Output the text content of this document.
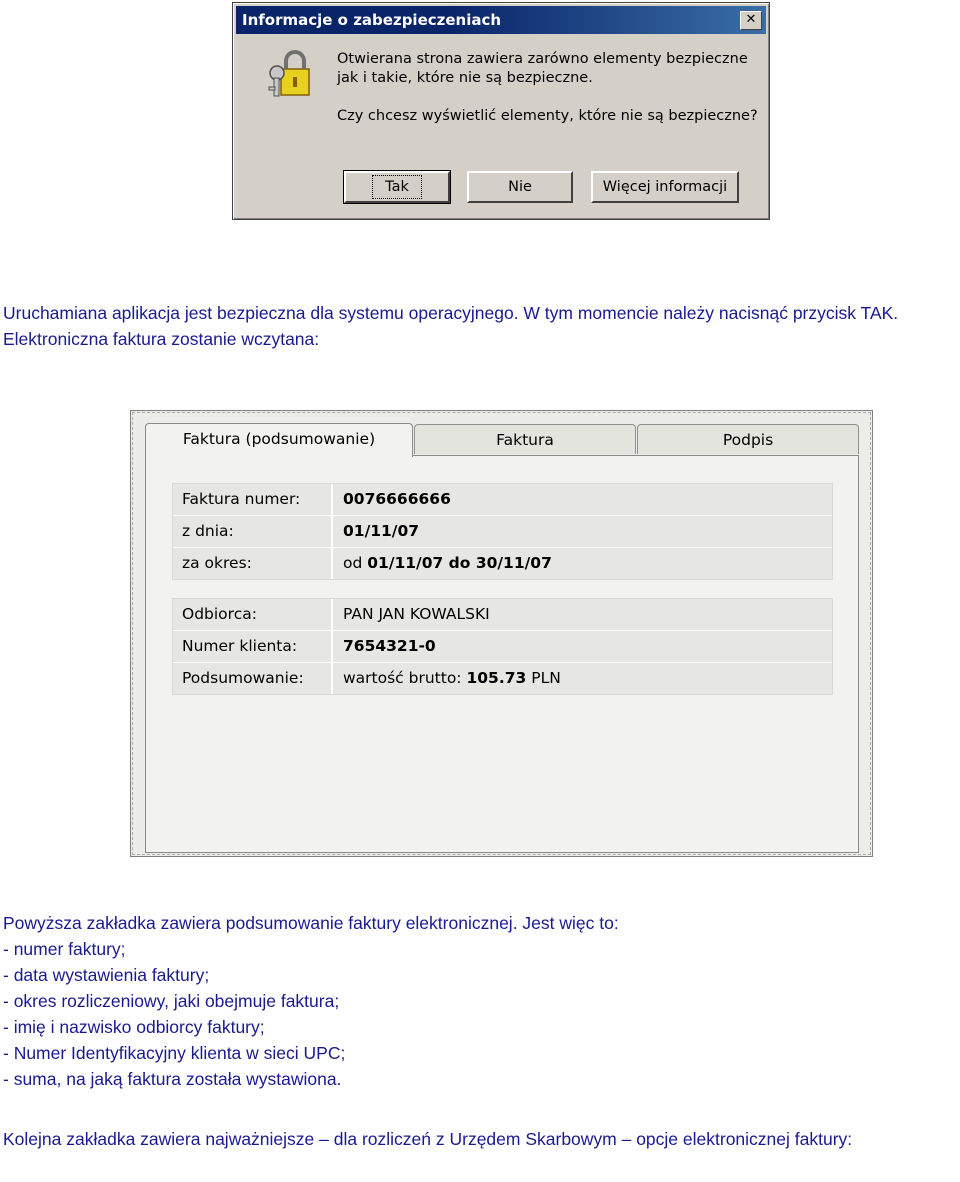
Informacje o zabezpieczeniach	✕
Otwierana strona zawiera zarówno elementy bezpieczne jak i takie, które nie są bezpieczne.
Czy chcesz wyświetlić elementy, które nie są bezpieczne?
Tak	Nie	Więcej informacji
Uruchamiana aplikacja jest bezpieczna dla systemu operacyjnego. W tym momencie należy nacisnąć przycisk TAK. Elektroniczna faktura zostanie wczytana:
Faktura (podsumowanie)	Faktura	Podpis
Faktura numer:	0076666666
z dnia:	01/11/07
za okres:	od 01/11/07 do 30/11/07
Odbiorca:	PAN JAN KOWALSKI
Numer klienta:	7654321-0
Podsumowanie:	wartość brutto: 105.73 PLN
Powyższa zakładka zawiera podsumowanie faktury elektronicznej. Jest więc to:
- numer faktury;
- data wystawienia faktury;
- okres rozliczeniowy, jaki obejmuje faktura;
- imię i nazwisko odbiorcy faktury;
- Numer Identyfikacyjny klienta w sieci UPC;
- suma, na jaką faktura została wystawiona.
Kolejna zakładka zawiera najważniejsze – dla rozliczeń z Urzędem Skarbowym – opcje elektronicznej faktury:
